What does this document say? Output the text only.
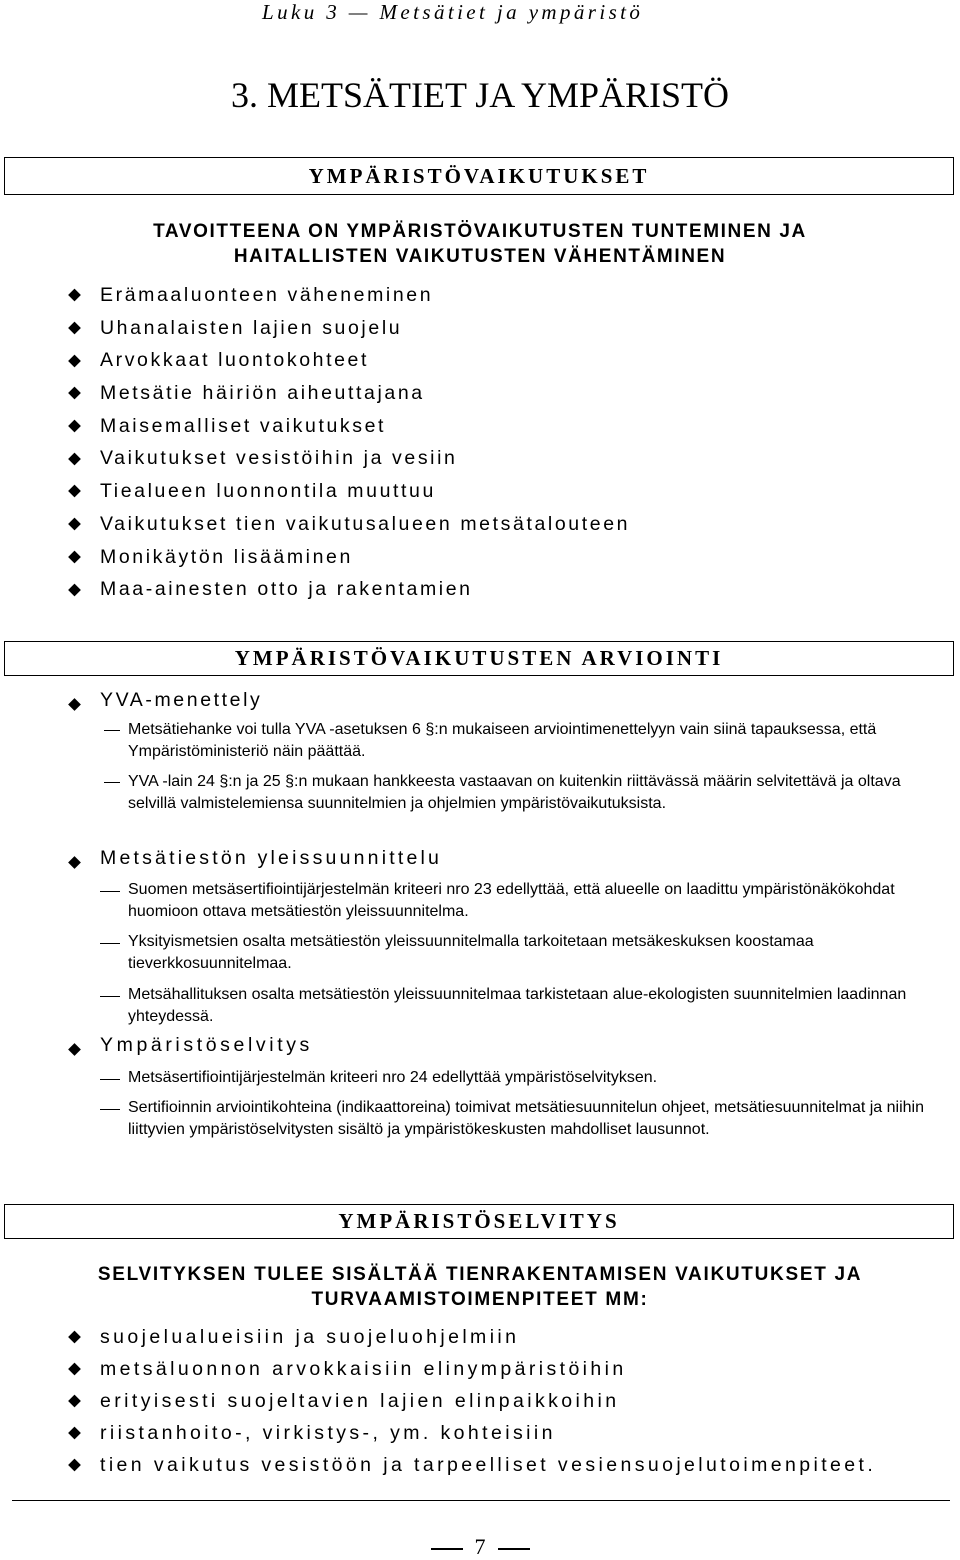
Luku 3 — Metsätiet ja ympäristö
3. METSÄTIET JA YMPÄRISTÖ
YMPÄRISTÖVAIKUTUKSET
TAVOITTEENA ON YMPÄRISTÖVAIKUTUSTEN TUNTEMINEN JA
HAITALLISTEN VAIKUTUSTEN VÄHENTÄMINEN
Erämaaluonteen väheneminen
Uhanalaisten lajien suojelu
Arvokkaat luontokohteet
Metsätie häiriön aiheuttajana
Maisemalliset vaikutukset
Vaikutukset vesistöihin ja vesiin
Tiealueen luonnontila muuttuu
Vaikutukset tien vaikutusalueen metsätalouteen
Monikäytön lisääminen
Maa-ainesten otto ja rakentamien
YMPÄRISTÖVAIKUTUSTEN ARVIOINTI
YVA-menettely
Metsätiehanke voi tulla YVA -asetuksen 6 §:n mukaiseen arviointimenettelyyn vain siinä tapauksessa, että Ympäristöministeriö näin päättää.
YVA -lain 24 §:n ja 25 §:n mukaan hankkeesta vastaavan on kuitenkin riittävässä määrin selvitettävä ja oltava selvillä valmistelemiensa suunnitelmien ja ohjelmien ympäristövaikutuksista.
Metsätiestön yleissuunnittelu
Suomen metsäsertifiointijärjestelmän kriteeri nro 23 edellyttää, että alueelle on laadittu ympäristönäkökohdat huomioon ottava metsätiestön yleissuunnitelma.
Yksityismetsien osalta metsätiestön yleissuunnitelmalla tarkoitetaan metsäkeskuksen koostamaa tieverkkosuunnitelmaa.
Metsähallituksen osalta metsätiestön yleissuunnitelmaa tarkistetaan alue-ekologisten suunnitelmien laadinnan yhteydessä.
Ympäristöselvitys
Metsäsertifiointijärjestelmän kriteeri nro 24 edellyttää ympäristöselvityksen.
Sertifioinnin arviointikohteina (indikaattoreina) toimivat metsätiesuunnitelun ohjeet, metsätiesuunnitelmat ja niihin liittyvien ympäristöselvitysten sisältö ja ympäristökeskusten mahdolliset lausunnot.
YMPÄRISTÖSELVITYS
SELVITYKSEN TULEE SISÄLTÄÄ TIENRAKENTAMISEN VAIKUTUKSET JA
TURVAAMISTOIMENPITEET MM:
suojelualueisiin ja suojeluohjelmiin
metsäluonnon arvokkaisiin elinympäristöihin
erityisesti suojeltavien lajien elinpaikkoihin
riistanhoito-, virkistys-, ym. kohteisiin
tien vaikutus vesistöön ja tarpeelliset vesiensuojelutoimenpiteet.
7
